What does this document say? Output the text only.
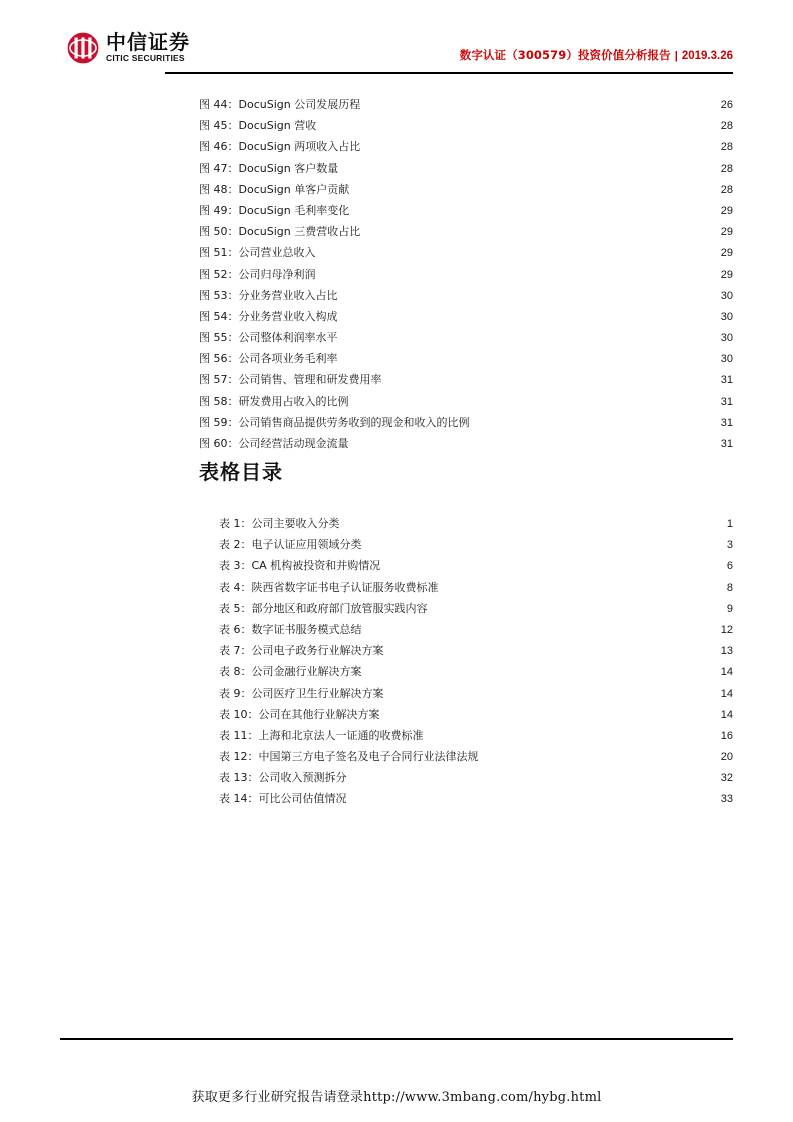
中信证券
CITIC SECURITIES	数字认证（300579）投资价值分析报告 | 2019.3.26
图 44：DocuSign 公司发展历程 .....	26
图 45：DocuSign 营收 .....	28
图 46：DocuSign 两项收入占比 .....	28
图 47：DocuSign 客户数量 .....	28
图 48：DocuSign 单客户贡献 .....	28
图 49：DocuSign 毛利率变化 .....	29
图 50：DocuSign 三费营收占比 .....	29
图 51：公司营业总收入 .....	29
图 52：公司归母净利润 .....	29
图 53：分业务营业收入占比 .....	30
图 54：分业务营业收入构成 .....	30
图 55：公司整体利润率水平 .....	30
图 56：公司各项业务毛利率 .....	30
图 57：公司销售、管理和研发费用率 .....	31
图 58：研发费用占收入的比例 .....	31
图 59：公司销售商品提供劳务收到的现金和收入的比例 .....	31
图 60：公司经营活动现金流量 .....	31
表格目录
表 1：公司主要收入分类 .....	1
表 2：电子认证应用领域分类 .....	3
表 3：CA 机构被投资和并购情况 .....	6
表 4：陕西省数字证书电子认证服务收费标准 .....	8
表 5：部分地区和政府部门放管服实践内容 .....	9
表 6：数字证书服务模式总结 .....	12
表 7：公司电子政务行业解决方案 .....	13
表 8：公司金融行业解决方案 .....	14
表 9：公司医疗卫生行业解决方案 .....	14
表 10：公司在其他行业解决方案 .....	14
表 11：上海和北京法人一证通的收费标准 .....	16
表 12：中国第三方电子签名及电子合同行业法律法规 .....	20
表 13：公司收入预测拆分 .....	32
表 14：可比公司估值情况 .....	33
获取更多行业研究报告请登录http://www.3mbang.com/hybg.html
